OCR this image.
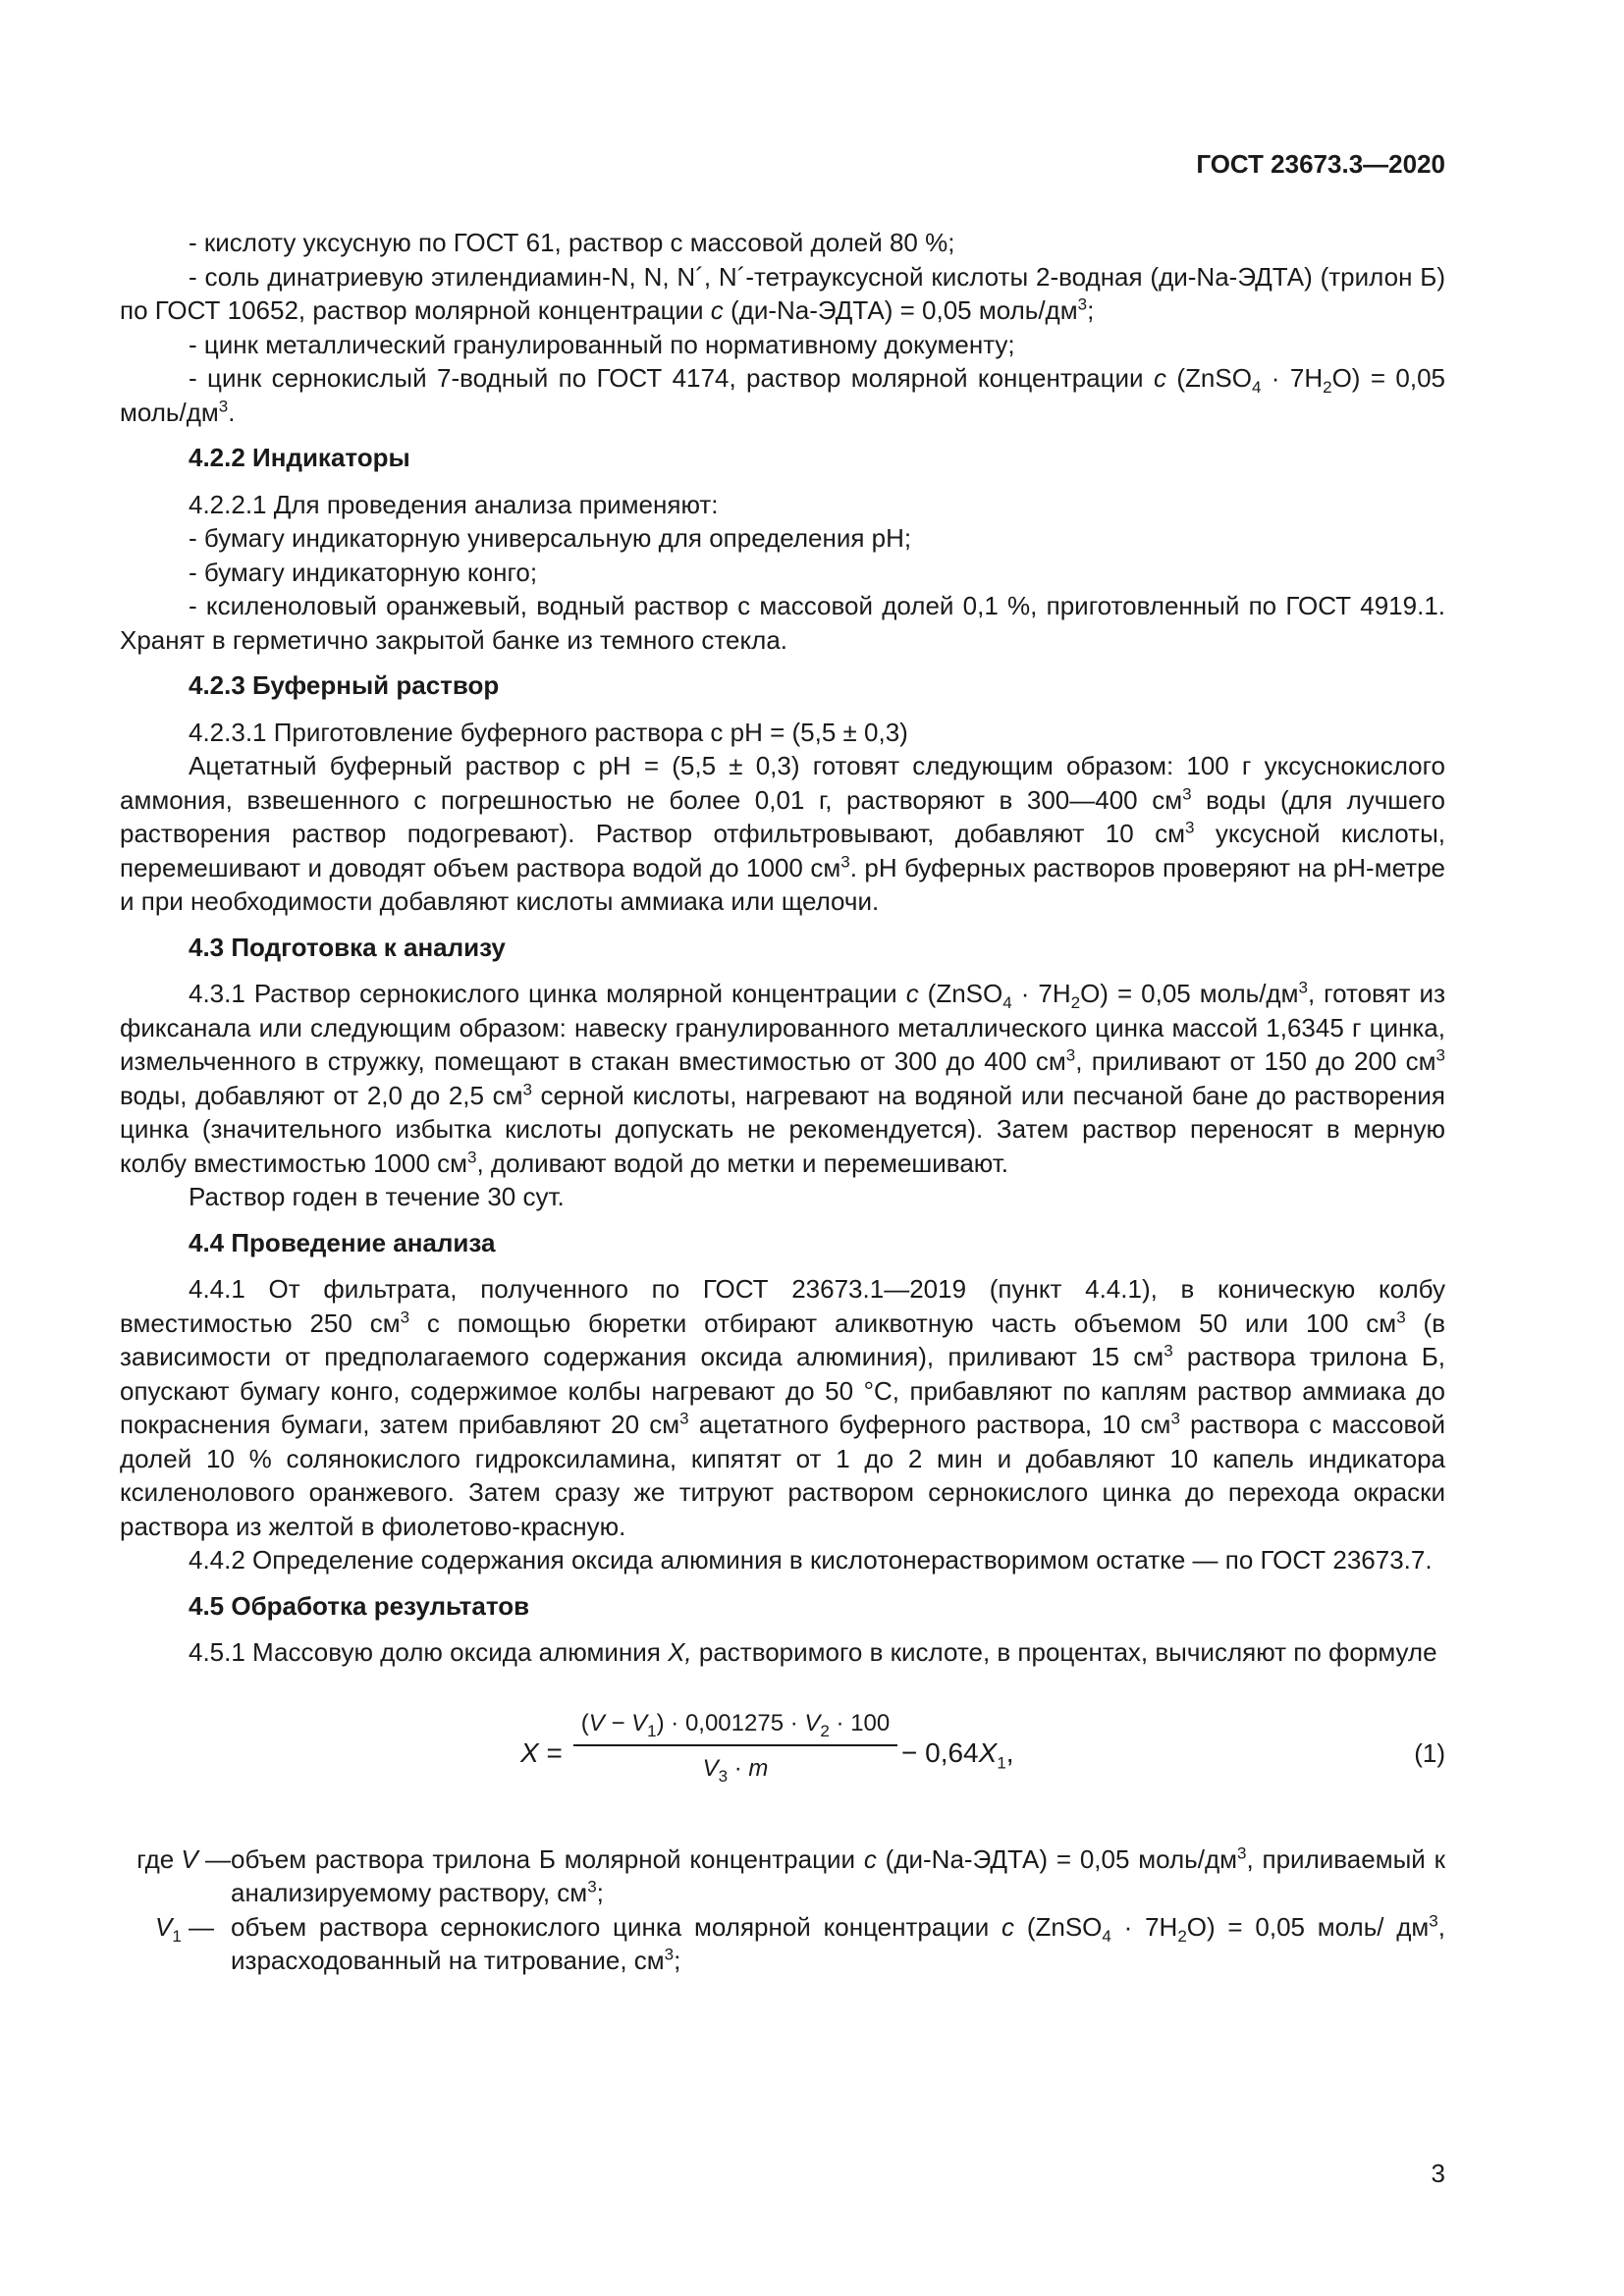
ГОСТ 23673.3—2020

- кислоту уксусную по ГОСТ 61, раствор с массовой долей 80 %;

- соль динатриевую этилендиамин-N, N, N´, N´-тетрауксусной кислоты 2-водная (ди-Na-ЭДТА) (трилон Б) по ГОСТ 10652, раствор молярной концентрации c (ди-Na-ЭДТА) = 0,05 моль/$дм^3$;

- цинк металлический гранулированный по нормативному документу;

- цинк сернокислый 7-водный по ГОСТ 4174, раствор молярной концентрации c (ZnSO$_4$ · $7H_2O) = 0,05$ моль/$дм^3$.

4.2.2 Индикаторы

4.2.2.1 Для проведения анализа применяют:

- бумагу индикаторную универсальную для определения pH;

- бумагу индикаторную конго;

- ксиленоловый оранжевый, водный раствор с массовой долей 0,1 %, приготовленный по ГОСТ 4919.1. Хранят в герметично закрытой банке из темного стекла.

4.2.3 Буферный раствор

4.2.3.1 Приготовление буферного раствора с pH = (5,5 ± 0,3)

Ацетатный буферный раствор с pH = (5,5 ± 0,3) готовят следующим образом: 100 г уксуснокислого аммония, взвешенного с погрешностью не более 0,01 г, растворяют в 300—400 $см^3$ воды (для лучшего растворения раствор подогревают). Раствор отфильтровывают, добавляют 10 $см^3$ уксусной кислоты, перемешивают и доводят объем раствора водой до 1000 $см^3$. pH буферных растворов проверяют на pH-метре и при необходимости добавляют кислоты аммиака или щелочи.

4.3 Подготовка к анализу

4.3.1 Раствор сернокислого цинка молярной концентрации c (ZnSO$_4$ · $7H_2O) = 0,05$ моль/$дм^3$, готовят из фиксанала или следующим образом: навеску гранулированного металлического цинка массой 1,6345 г цинка, измельченного в стружку, помещают в стакан вместимостью от 300 до 400 $см^3$, приливают от 150 до 200 $см^3$ воды, добавляют от 2,0 до 2,5 $см^3$ серной кислоты, нагревают на водяной или песчаной бане до растворения цинка (значительного избытка кислоты допускать не рекомендуется). Затем раствор переносят в мерную колбу вместимостью 1000 $см^3$, доливают водой до метки и перемешивают.

Раствор годен в течение 30 сут.

4.4 Проведение анализа

4.4.1 От фильтрата, полученного по ГОСТ 23673.1—2019 (пункт 4.4.1), в коническую колбу вместимостью 250 $см^3$ с помощью бюретки отбирают аликвотную часть объемом 50 или 100 $см^3$ (в зависимости от предполагаемого содержания оксида алюминия), приливают 15 $см^3$ раствора трилона Б, опускают бумагу конго, содержимое колбы нагревают до 50 °С, прибавляют по каплям раствор аммиака до покраснения бумаги, затем прибавляют 20 $см^3$ ацетатного буферного раствора, 10 $см^3$ раствора с массовой долей 10 % солянокислого гидроксиламина, кипятят от 1 до 2 мин и добавляют 10 капель индикатора ксиленолового оранжевого. Затем сразу же титруют раствором сернокислого цинка до перехода окраски раствора из желтой в фиолетово-красную.

4.4.2 Определение содержания оксида алюминия в кислотонерастворимом остатке — по ГОСТ 23673.7.

4.5 Обработка результатов

4.5.1 Массовую долю оксида алюминия X, растворимого в кислоте, в процентах, вычисляют по формуле

X =
$(V - V_1) \cdot 0,001275 \cdot V_2 \cdot 100$
$V_3 \cdot m$
− $0,64X_1$,	(1)
где V — объем раствора трилона Б молярной концентрации c (ди-Na-ЭДТА) = 0,05 моль/$дм^3$, приливаемый к анализируемому раствору, $см^3$;
$V_1$ — объем раствора сернокислого цинка молярной концентрации c (ZnSO$_4$ · $7H_2O) = 0,05$ моль/ $дм^3$, израсходованный на титрование, $см^3$;
3
